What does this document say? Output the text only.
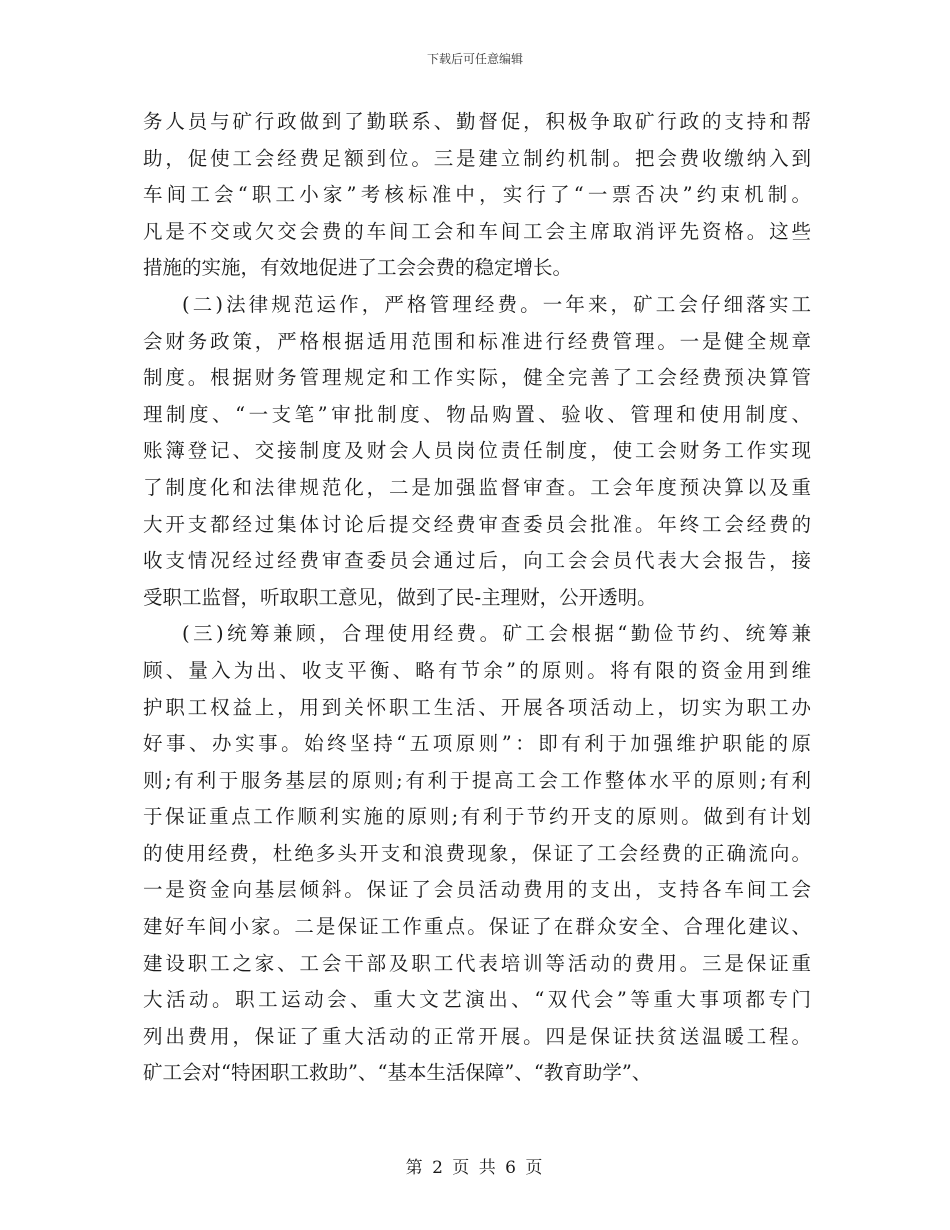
下载后可任意编辑
务人员与矿行政做到了勤联系、勤督促，积极争取矿行政的支持和帮
助，促使工会经费足额到位。三是建立制约机制。把会费收缴纳入到
车间工会“职工小家”考核标准中，实行了“一票否决”约束机制。
凡是不交或欠交会费的车间工会和车间工会主席取消评先资格。这些
措施的实施，有效地促进了工会会费的稳定增长。
(二)法律规范运作，严格管理经费。一年来，矿工会仔细落实工
会财务政策，严格根据适用范围和标准进行经费管理。一是健全规章
制度。根据财务管理规定和工作实际，健全完善了工会经费预决算管
理制度、“一支笔”审批制度、物品购置、验收、管理和使用制度、
账簿登记、交接制度及财会人员岗位责任制度，使工会财务工作实现
了制度化和法律规范化，二是加强监督审查。工会年度预决算以及重
大开支都经过集体讨论后提交经费审查委员会批准。年终工会经费的
收支情况经过经费审查委员会通过后，向工会会员代表大会报告，接
受职工监督，听取职工意见，做到了民-主理财，公开透明。
(三)统筹兼顾，合理使用经费。矿工会根据“勤俭节约、统筹兼
顾、量入为出、收支平衡、略有节余”的原则。将有限的资金用到维
护职工权益上，用到关怀职工生活、开展各项活动上，切实为职工办
好事、办实事。始终坚持“五项原则”：即有利于加强维护职能的原
则;有利于服务基层的原则;有利于提高工会工作整体水平的原则;有利
于保证重点工作顺利实施的原则;有利于节约开支的原则。做到有计划
的使用经费，杜绝多头开支和浪费现象，保证了工会经费的正确流向。
一是资金向基层倾斜。保证了会员活动费用的支出，支持各车间工会
建好车间小家。二是保证工作重点。保证了在群众安全、合理化建议、
建设职工之家、工会干部及职工代表培训等活动的费用。三是保证重
大活动。职工运动会、重大文艺演出、“双代会”等重大事项都专门
列出费用，保证了重大活动的正常开展。四是保证扶贫送温暖工程。
矿工会对“特困职工救助”、“基本生活保障”、“教育助学”、
第 2 页 共 6 页
